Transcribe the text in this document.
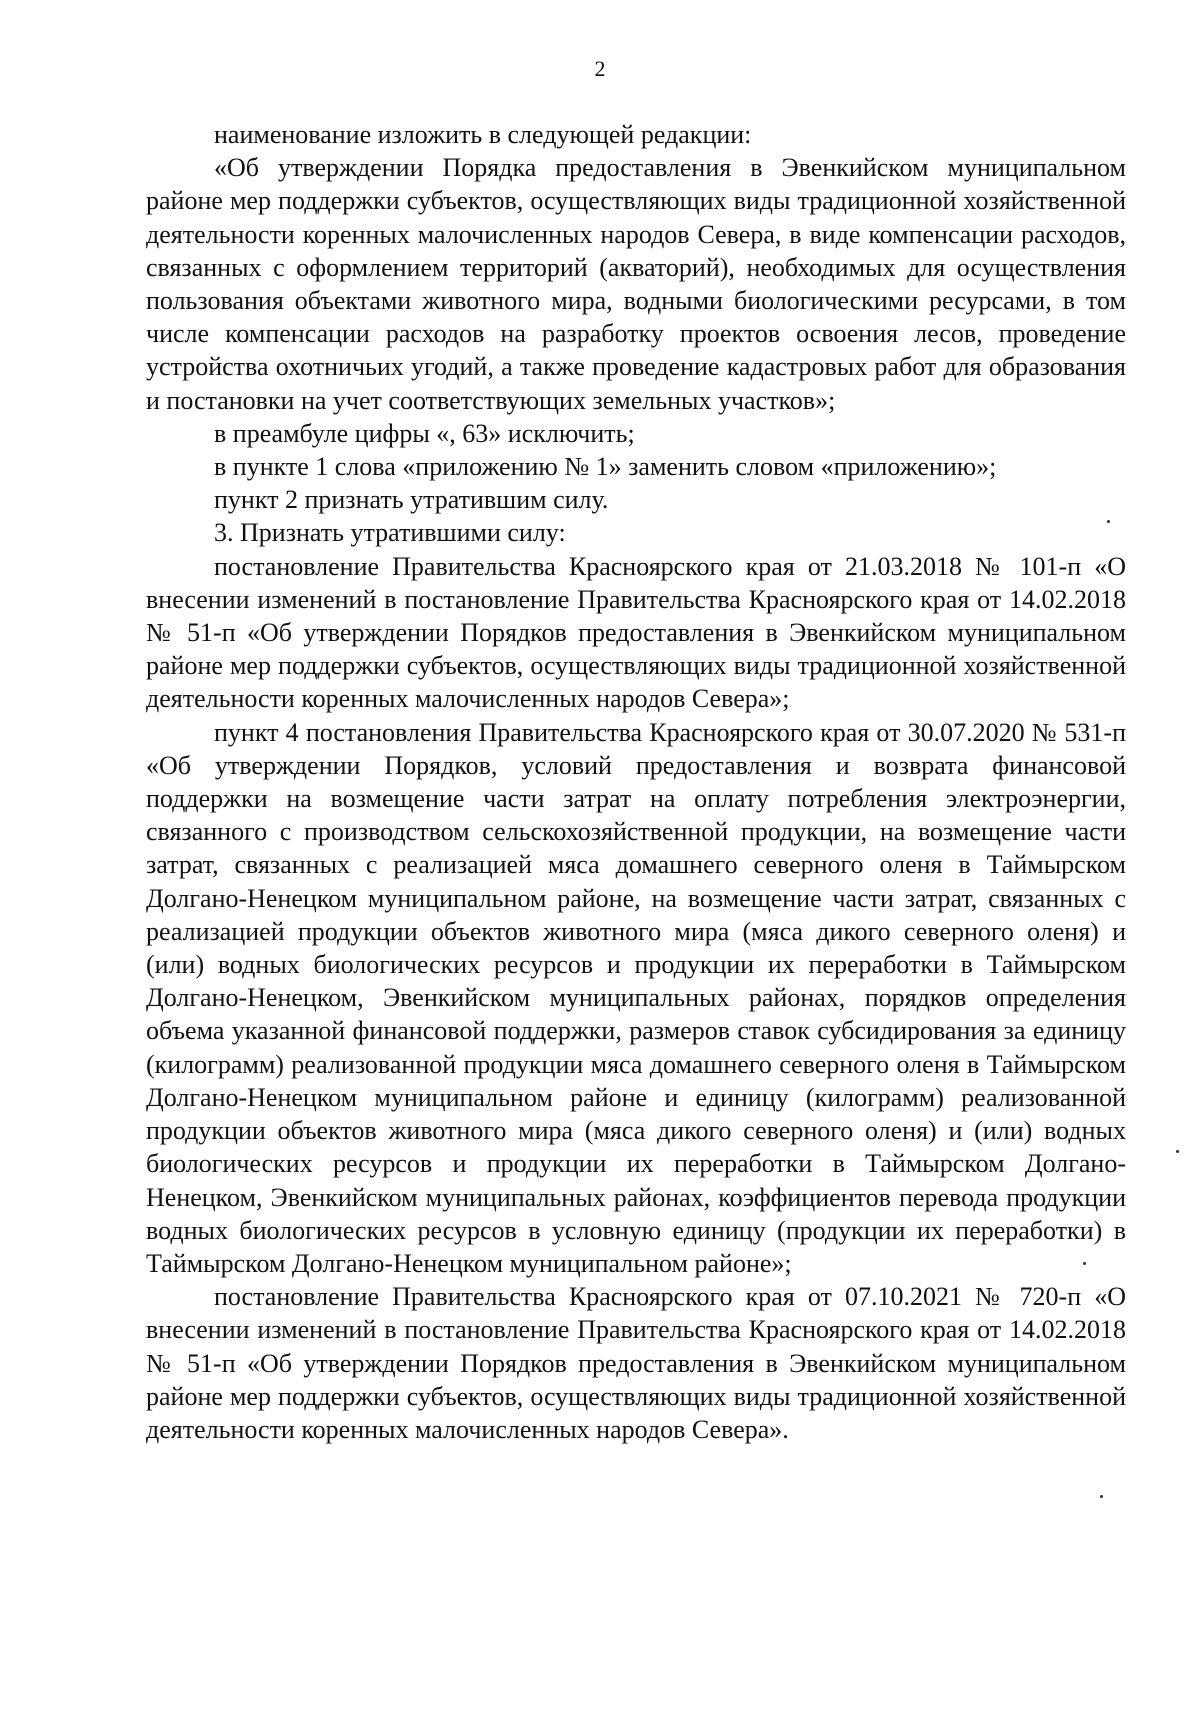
2

наименование изложить в следующей редакции:

«Об утверждении Порядка предоставления в Эвенкийском муниципальном районе мер поддержки субъектов, осуществляющих виды традиционной хозяйственной деятельности коренных малочисленных народов Севера, в виде компенсации расходов, связанных с оформлением территорий (акваторий), необходимых для осуществления пользования объектами животного мира, водными биологическими ресурсами, в том числе компенсации расходов на разработку проектов освоения лесов, проведение устройства охотничьих угодий, а также проведение кадастровых работ для образования и постановки на учет соответствующих земельных участков»;

в преамбуле цифры «, 63» исключить;

в пункте 1 слова «приложению № 1» заменить словом «приложению»;

пункт 2 признать утратившим силу.

3. Признать утратившими силу:

постановление Правительства Красноярского края от 21.03.2018 № 101-п «О внесении изменений в постановление Правительства Красноярского края от 14.02.2018 № 51-п «Об утверждении Порядков предоставления в Эвенкийском муниципальном районе мер поддержки субъектов, осуществляющих виды традиционной хозяйственной деятельности коренных малочисленных народов Севера»;

пункт 4 постановления Правительства Красноярского края от 30.07.2020 № 531-п «Об утверждении Порядков, условий предоставления и возврата финансовой поддержки на возмещение части затрат на оплату потребления электроэнергии, связанного с производством сельскохозяйственной продукции, на возмещение части затрат, связанных с реализацией мяса домашнего северного оленя в Таймырском Долгано-Ненецком муниципальном районе, на возмещение части затрат, связанных с реализацией продукции объектов животного мира (мяса дикого северного оленя) и (или) водных биологических ресурсов и продукции их переработки в Таймырском Долгано-Ненецком, Эвенкийском муниципальных районах, порядков определения объема указанной финансовой поддержки, размеров ставок субсидирования за единицу (килограмм) реализованной продукции мяса домашнего северного оленя в Таймырском Долгано-Ненецком муниципальном районе и единицу (килограмм) реализованной продукции объектов животного мира (мяса дикого северного оленя) и (или) водных биологических ресурсов и продукции их переработки в Таймырском Долгано-Ненецком, Эвенкийском муниципальных районах, коэффициентов перевода продукции водных биологических ресурсов в условную единицу (продукции их переработки) в Таймырском Долгано-Ненецком муниципальном районе»;

постановление Правительства Красноярского края от 07.10.2021 № 720-п «О внесении изменений в постановление Правительства Красноярского края от 14.02.2018 № 51-п «Об утверждении Порядков предоставления в Эвенкийском муниципальном районе мер поддержки субъектов, осуществляющих виды традиционной хозяйственной деятельности коренных малочисленных народов Севера».
